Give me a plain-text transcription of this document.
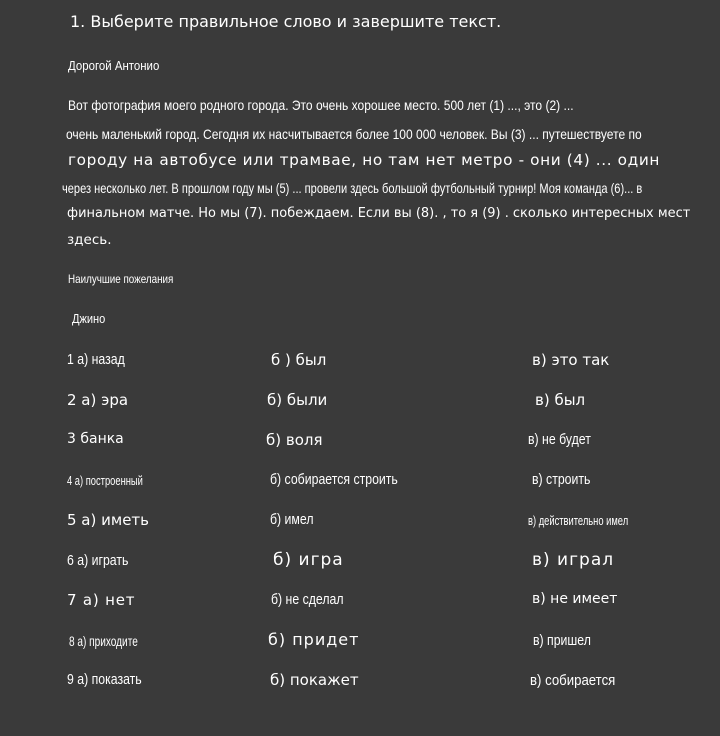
1. Выберите правильное слово и завершите текст.
Дорогой Антонио
Вот фотография моего родного города. Это очень хорошее место. 500 лет (1) ..., это (2) ...
очень маленький город. Сегодня их насчитывается более 100 000 человек. Вы (3) ... путешествуете по
городу на автобусе или трамвае, но там нет метро - они (4) ... один
через несколько лет. В прошлом году мы (5) ... провели здесь большой футбольный турнир! Моя команда (6)... в
финальном матче. Но мы (7). побеждаем. Если вы (8). , то я (9) . сколько интересных мест
здесь.
Наилучшие пожелания
Джино
1 а) назад	б ) был	в) это так
2 а) эра	б) были	в) был
3 банка	б) воля	в) не будет
4 а) построенный	б) собирается строить	в) строить
5 а) иметь	б) имел	в) действительно имел
6 а) играть	б) игра	в) играл
7 а) нет	б) не сделал	в) не имеет
8 а) приходите	б) придет	в) пришел
9 а) показать	б) покажет	в) собирается
